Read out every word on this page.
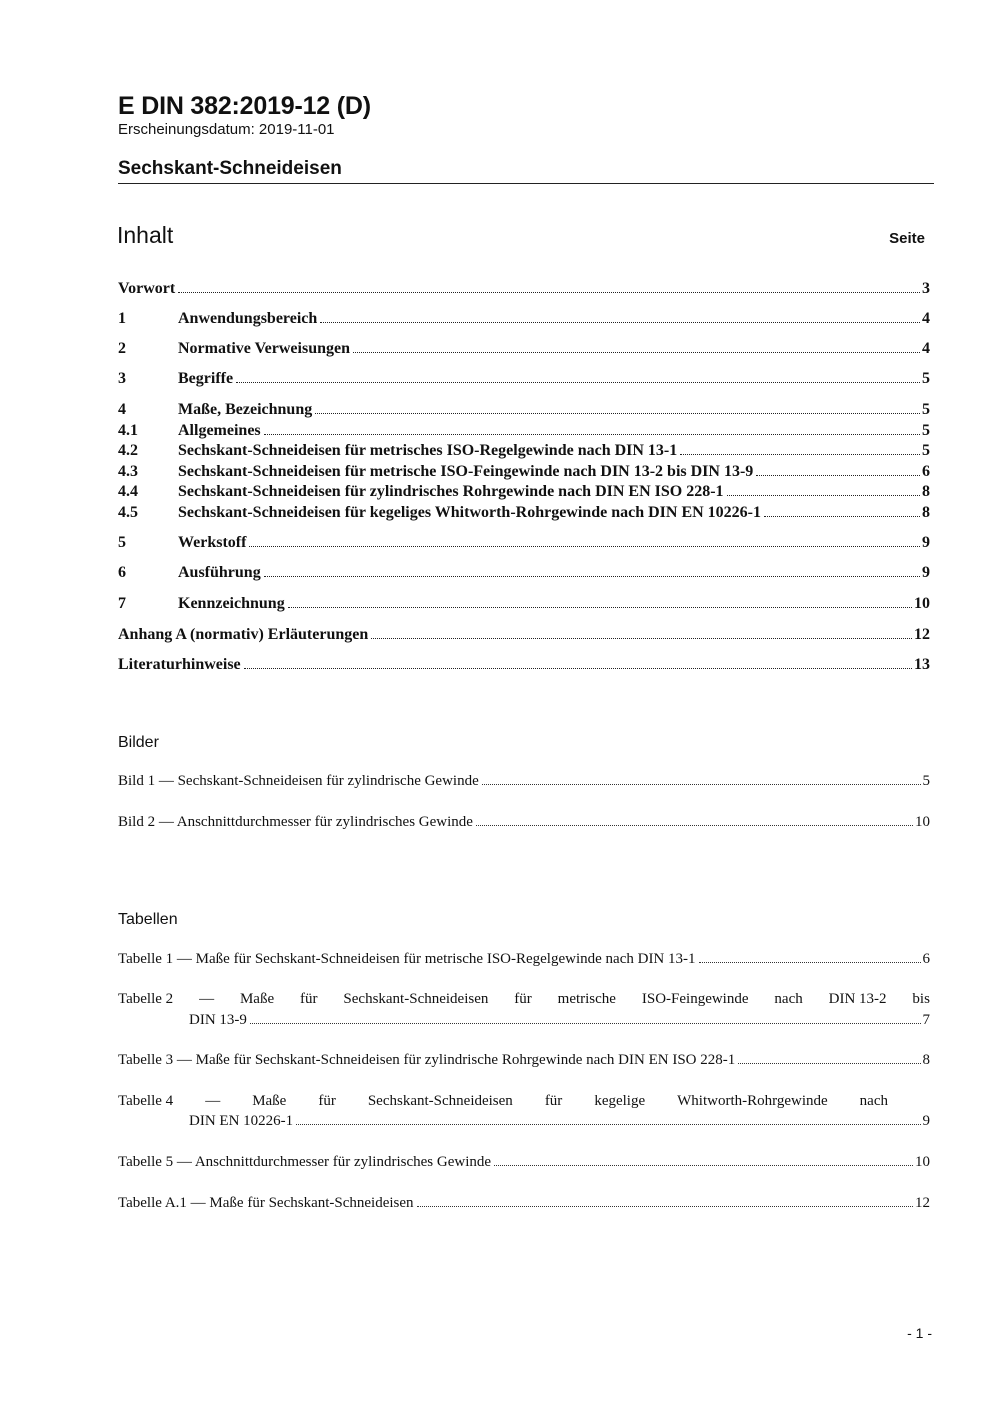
E DIN 382:2019-12 (D)
Erscheinungsdatum: 2019-11-01
Sechskant-Schneideisen
Inhalt	Seite
Vorwort	3
1	Anwendungsbereich	4
2	Normative Verweisungen	4
3	Begriffe	5
4	Maße, Bezeichnung	5
4.1	Allgemeines	5
4.2	Sechskant-Schneideisen für metrisches ISO-Regelgewinde nach DIN 13-1	5
4.3	Sechskant-Schneideisen für metrische ISO-Feingewinde nach DIN 13-2 bis DIN 13-9	6
4.4	Sechskant-Schneideisen für zylindrisches Rohrgewinde nach DIN EN ISO 228-1	8
4.5	Sechskant-Schneideisen für kegeliges Whitworth-Rohrgewinde nach DIN EN 10226-1	8
5	Werkstoff	9
6	Ausführung	9
7	Kennzeichnung	10
Anhang A (normativ) Erläuterungen	12
Literaturhinweise	13
Bilder
Bild 1 — Sechskant-Schneideisen für zylindrische Gewinde	5
Bild 2 — Anschnittdurchmesser für zylindrisches Gewinde	10
Tabellen
Tabelle 1 — Maße für Sechskant-Schneideisen für metrische ISO-Regelgewinde nach DIN 13-1	6
Tabelle 2 — Maße für Sechskant-Schneideisen für metrische ISO-Feingewinde nach DIN 13-2 bis
DIN 13-9	7
Tabelle 3 — Maße für Sechskant-Schneideisen für zylindrische Rohrgewinde nach DIN EN ISO 228-1	8
Tabelle 4 — Maße für Sechskant-Schneideisen für kegelige Whitworth-Rohrgewinde nach
DIN EN 10226-1	9
Tabelle 5 — Anschnittdurchmesser für zylindrisches Gewinde	10
Tabelle A.1 — Maße für Sechskant-Schneideisen	12
- 1 -
